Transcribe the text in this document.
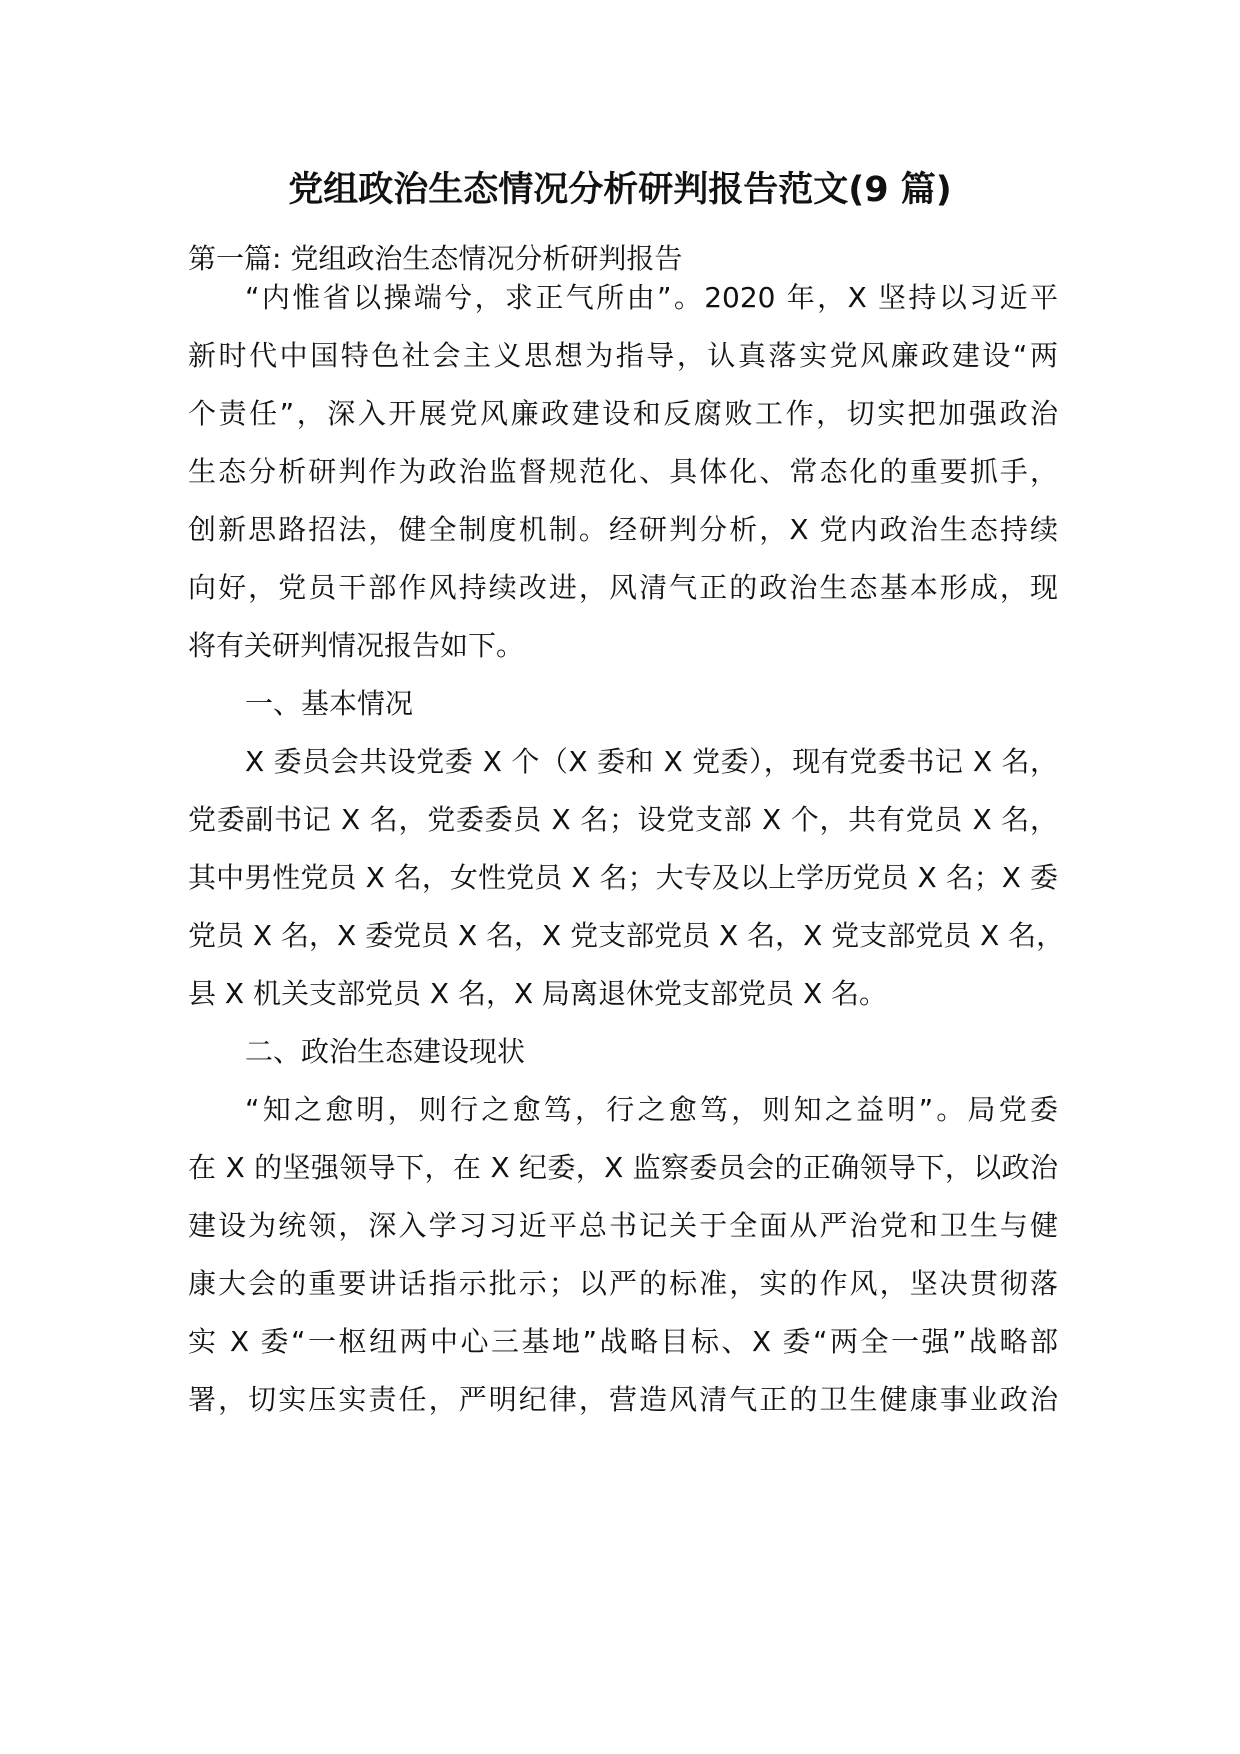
党组政治生态情况分析研判报告范文(9 篇)
第一篇: 党组政治生态情况分析研判报告
“内惟省以操端兮，求正气所由”。2020 年，X 坚持以习近平
新时代中国特色社会主义思想为指导，认真落实党风廉政建设“两
个责任”，深入开展党风廉政建设和反腐败工作，切实把加强政治
生态分析研判作为政治监督规范化、具体化、常态化的重要抓手，
创新思路招法，健全制度机制。经研判分析，X 党内政治生态持续
向好，党员干部作风持续改进，风清气正的政治生态基本形成，现
将有关研判情况报告如下。
一、基本情况
X 委员会共设党委 X 个（X 委和 X 党委），现有党委书记 X 名，
党委副书记 X 名，党委委员 X 名；设党支部 X 个，共有党员 X 名，
其中男性党员 X 名，女性党员 X 名；大专及以上学历党员 X 名；X 委
党员 X 名，X 委党员 X 名，X 党支部党员 X 名，X 党支部党员 X 名，
县 X 机关支部党员 X 名，X 局离退休党支部党员 X 名。
二、政治生态建设现状
“知之愈明，则行之愈笃，行之愈笃，则知之益明”。局党委
在 X 的坚强领导下，在 X 纪委，X 监察委员会的正确领导下，以政治
建设为统领，深入学习习近平总书记关于全面从严治党和卫生与健
康大会的重要讲话指示批示；以严的标准，实的作风，坚决贯彻落
实 X 委“一枢纽两中心三基地”战略目标、X 委“两全一强”战略部
署，切实压实责任，严明纪律，营造风清气正的卫生健康事业政治
